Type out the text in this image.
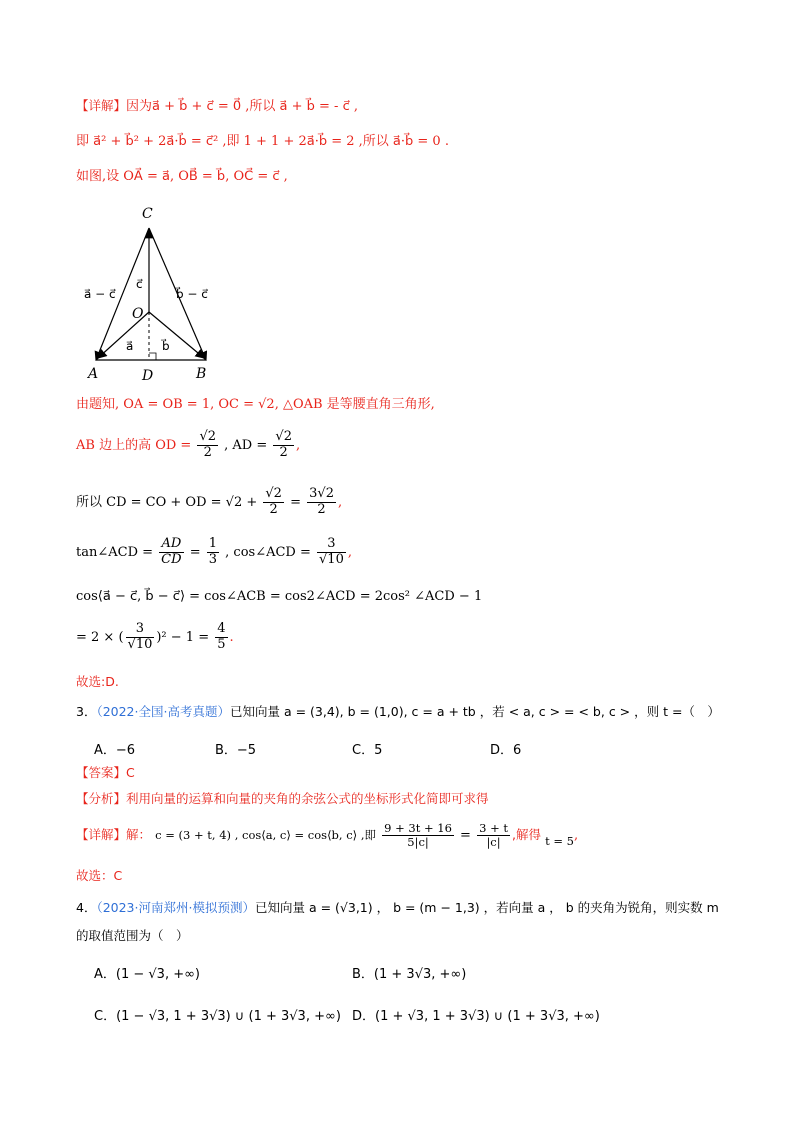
【详解】因为a⃗ + b⃗ + c⃗ = 0⃗ ,所以 a⃗ + b⃗ = - c⃗ ,
即 a⃗² + b⃗² + 2a⃗·b⃗ = c⃗² ,即 1 + 1 + 2a⃗·b⃗ = 2 ,所以 a⃗·b⃗ = 0 .
如图,设 OA⃗ = a⃗, OB⃗ = b⃗, OC⃗ = c⃗ ,
C
O
A	B
D
a⃗ − c⃗
c⃗
b⃗ − c⃗
a⃗ b⃗
由题知, OA = OB = 1, OC = √2, △OAB 是等腰直角三角形,
AB 边上的高 OD = $\frac{√2}{2}$ , AD = $\frac{√2}{2}$ ,
所以 CD = CO + OD = $√2 + \frac{√2}{2} = \frac{3√2}{2}$ ,
tan∠ACD = $\frac{AD}{CD} = \frac{1}{3}$ , cos∠ACD = $\frac{3}{√10}$ ,
cos⟨a⃗ − c⃗, b⃗ − c⃗⟩ = cos∠ACB = cos2∠ACD = 2cos² ∠ACD − 1
= 2 × ( $\frac{3}{√10} )^2 - 1 = \frac{4}{5}$ .
故选:D.
3．（2022·全国·高考真题）已知向量 a = (3,4), b = (1,0), c = a + tb ，若 < a, c > = < b, c > ，则 t =（　）
A．−6	B．−5	C．5	D．6
【答案】C
【分析】利用向量的运算和向量的夹角的余弦公式的坐标形式化简即可求得
【详解】解： c = (3 + t, 4) , cos⟨a, c⟩ = cos⟨b, c⟩ ,即 $\frac{9 + 3t + 16}{5|c|} = \frac{3 + t}{|c|}$ ,解得 t = 5,
故选：C
4．（2023·河南郑州·模拟预测）已知向量 a = (√3,1) ， b = (m − 1,3) ，若向量 a ， b 的夹角为锐角，则实数 m
的取值范围为（　）
A．(1 − √3, +∞)	B．(1 + 3√3, +∞)
C．(1 − √3, 1 + 3√3) ∪ (1 + 3√3, +∞) D．(1 + √3, 1 + 3√3) ∪ (1 + 3√3, +∞)
